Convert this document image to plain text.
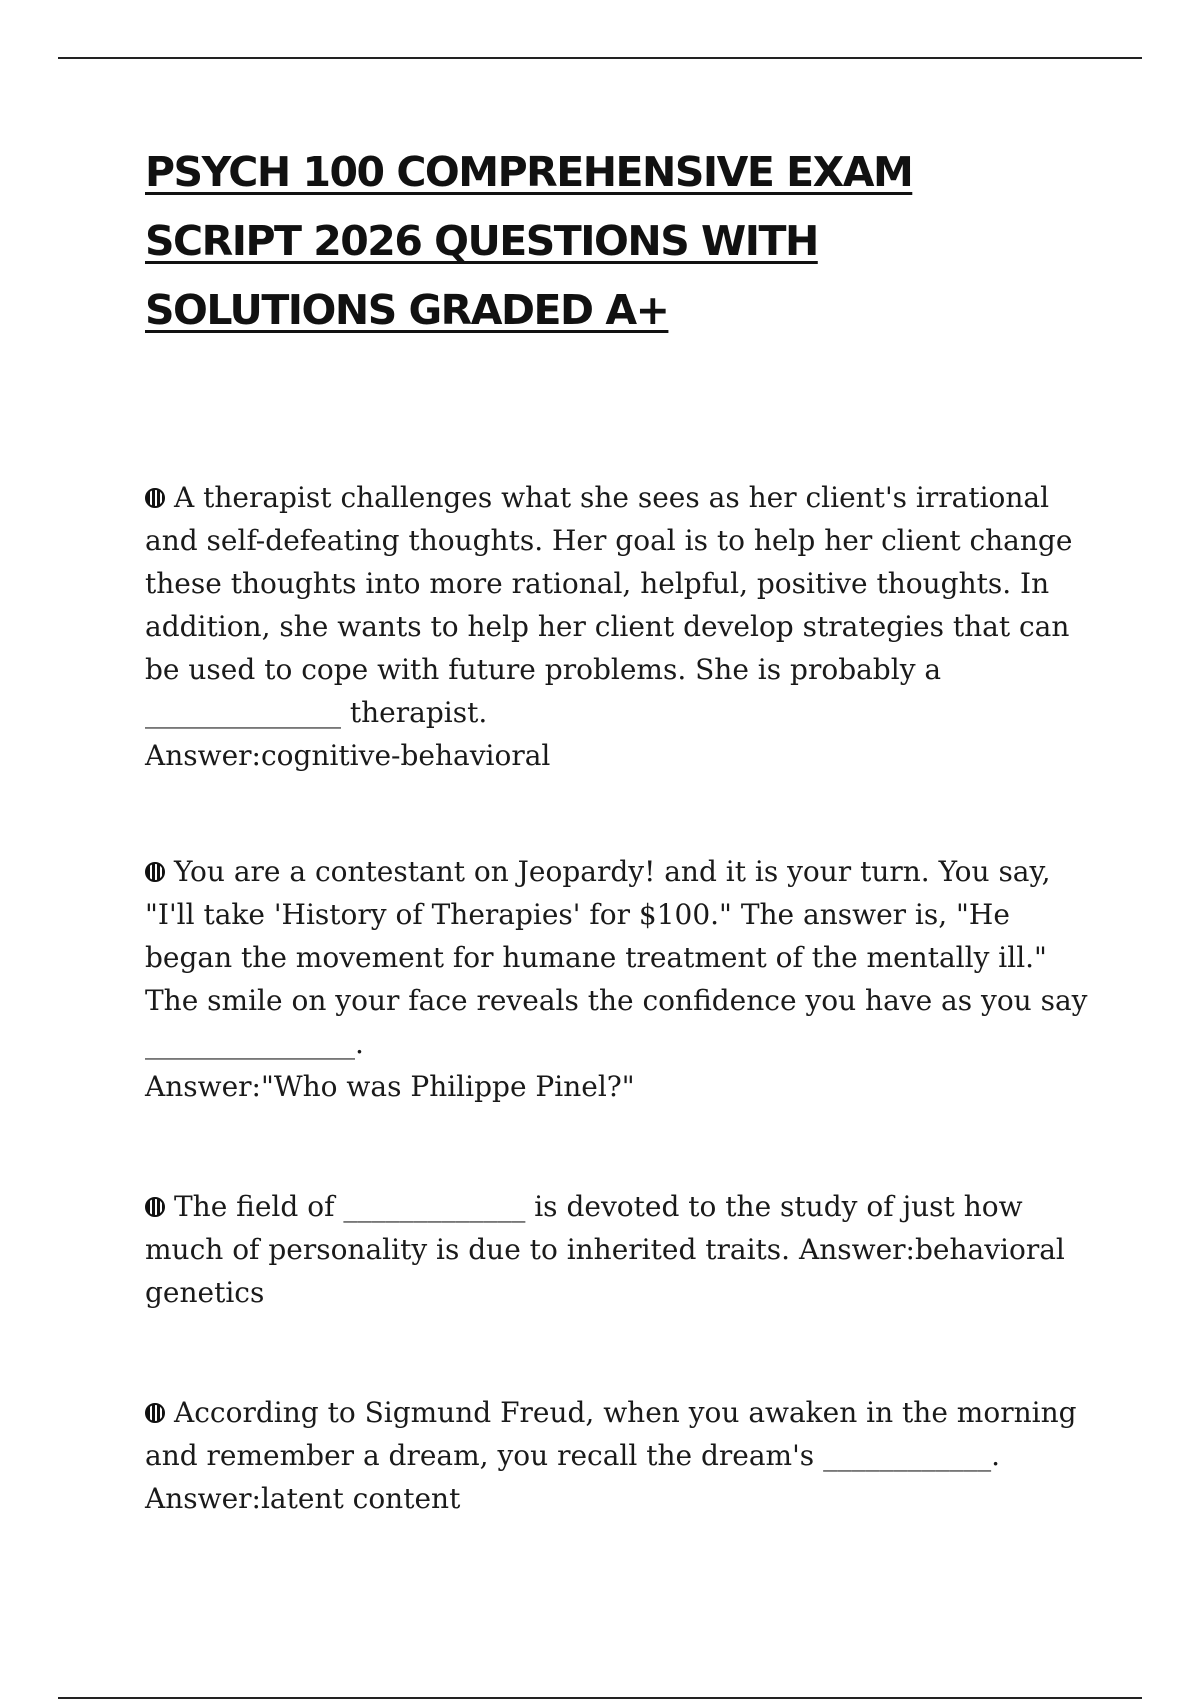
PSYCH 100 COMPREHENSIVE EXAM SCRIPT 2026 QUESTIONS WITH SOLUTIONS GRADED A+
A therapist challenges what she sees as her client's irrational and self-defeating thoughts. Her goal is to help her client change these thoughts into more rational, helpful, positive thoughts. In addition, she wants to help her client develop strategies that can be used to cope with future problems. She is probably a ______________ therapist.
Answer:cognitive-behavioral
You are a contestant on Jeopardy! and it is your turn. You say, "I'll take 'History of Therapies' for $100." The answer is, "He began the movement for humane treatment of the mentally ill." The smile on your face reveals the confidence you have as you say _______________.
Answer:"Who was Philippe Pinel?"
The field of _____________ is devoted to the study of just how much of personality is due to inherited traits. Answer:behavioral genetics
According to Sigmund Freud, when you awaken in the morning and remember a dream, you recall the dream's ____________. Answer:latent content
